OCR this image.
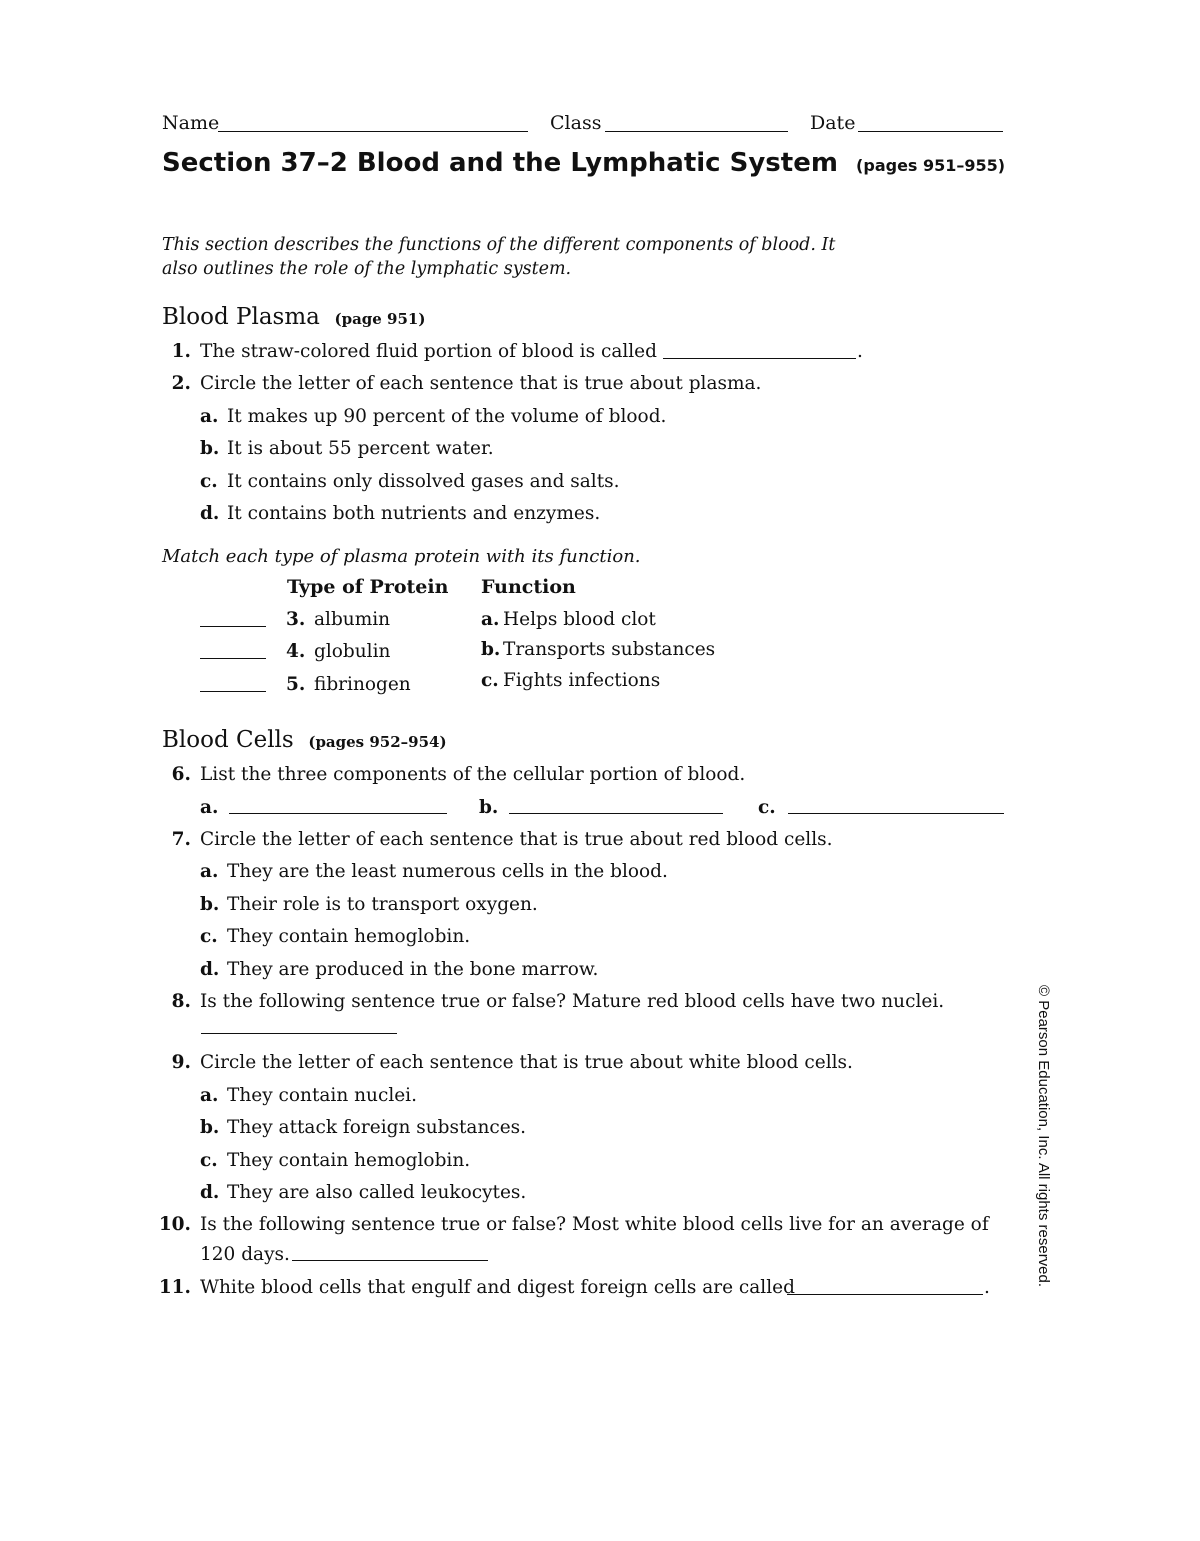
Name	Class	Date
Section 37–2 Blood and the Lymphatic System (pages 951–955)
This section describes the functions of the different components of blood. It
also outlines the role of the lymphatic system.
Blood Plasma (page 951)
1. The straw-colored fluid portion of blood is called	.
2. Circle the letter of each sentence that is true about plasma.
a. It makes up 90 percent of the volume of blood.
b. It is about 55 percent water.
c. It contains only dissolved gases and salts.
d. It contains both nutrients and enzymes.
Match each type of plasma protein with its function.
Type of Protein Function
3. albumin	a. Helps blood clot
4. globulin	b. Transports substances
5. fibrinogen	c. Fights infections
Blood Cells (pages 952–954)
6. List the three components of the cellular portion of blood.
a.	b.	c.
7. Circle the letter of each sentence that is true about red blood cells.
a. They are the least numerous cells in the blood.
b. Their role is to transport oxygen.
c. They contain hemoglobin.
d. They are produced in the bone marrow.
8. Is the following sentence true or false? Mature red blood cells have two nuclei.
9. Circle the letter of each sentence that is true about white blood cells.
a. They contain nuclei.
b. They attack foreign substances.
c. They contain hemoglobin.
d. They are also called leukocytes.
10. Is the following sentence true or false? Most white blood cells live for an average of
120 days.
11. White blood cells that engulf and digest foreign cells are called	.
© Pearson Education, Inc. All rights reserved.
